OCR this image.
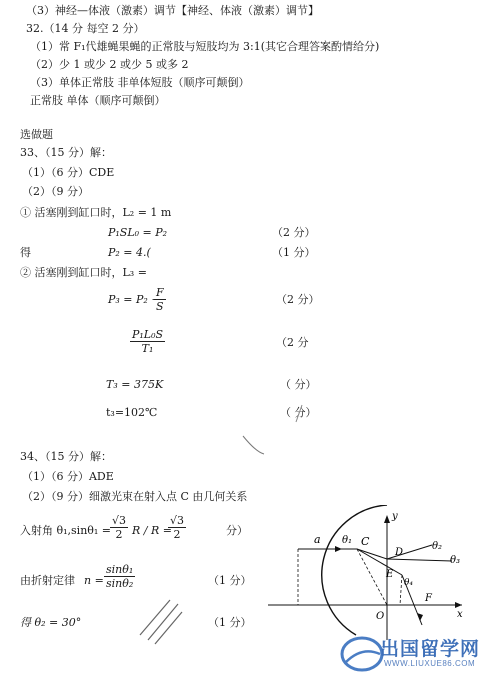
（3）神经—体液（激素）调节【神经、体液（激素）调节】
32.（14 分 每空 2 分）
（1）常 F₁代雄蝇果蝇的正常肢与短肢均为 3:1(其它合理答案酌情给分)
（2）少 1 或少 2 或少 5 或多 2
（3）单体正常肢 非单体短肢（顺序可颠倒）
正常肢 单体（顺序可颠倒）
选做题
33、（15 分）解：
（1）（6 分）CDE
（2）（9 分）
① 活塞刚到缸口时，L₂ = 1 m
P₁SL₀ = P₂	（2 分）
得	P₂ = 4.(	（1 分）
② 活塞刚到缸口时，L₃ =
P₃ = P₂ −
$\frac{F}{S}$	（2 分）
$\frac{\text{P₁L₀S}}{\text{T₁}}$	（2 分
T₃ = 375K	（ 分）
t₃=102℃	（ 分）
34、（15 分）解：
（1）（6 分）ADE
（2）（9 分）细激光束在射入点 C 由几何关系
入射角 θ₁,sinθ₁ =
$\frac{√3}{2}$ R / R =
$\frac{√3}{2}$	分）
由折射定律 $n = \frac{\text{sinθ₁}}{\text{sinθ₂}}$	（1 分）
得 θ₂ = 30°	（1 分）
a θ₁ C
D
θ₂
θ₃
E
θ₄
F
O	x
y
出国留学网
WWW.LIUXUE86.COM
